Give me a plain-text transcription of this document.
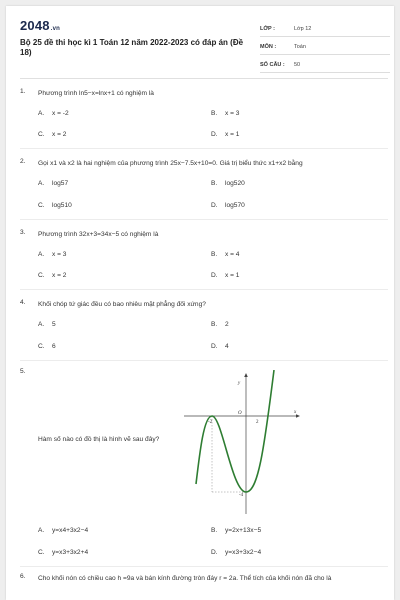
2048.vn
Bộ 25 đề thi học kì 1 Toán 12 năm 2022-2023 có đáp án (Đề 18)
LỚP :	Lớp 12
MÔN :	Toán
SỐ CÂU :	50
1.	Phương trình ln5−x=lnx+1 có nghiệm là
A. x = -2	B. x = 3
C. x = 2	D. x = 1
2.	Gọi x1 và x2 là hai nghiệm của phương trình 25x−7.5x+10=0. Giá trị biểu thức x1+x2 bằng
A. log57	B. log520
C. log510	D. log570
3.	Phương trình 32x+3=34x−5 có nghiệm là
A. x = 3	B. x = 4
C. x = 2	D. x = 1
4.	Khối chóp tứ giác đều có bao nhiêu mặt phẳng đối xứng?
A. 5	B. 2
C. 6	D. 4
5.
Hàm số nào có đồ thị là hình vẽ sau đây?
y
x
O
-2	2
-4
A. y=x4+3x2−4	B. y=2x+13x−5
C. y=x3+3x2+4	D. y=x3+3x2−4
6.	Cho khối nón có chiều cao h =9a và bán kính đường tròn đáy r = 2a. Thể tích của khối nón đã cho là
